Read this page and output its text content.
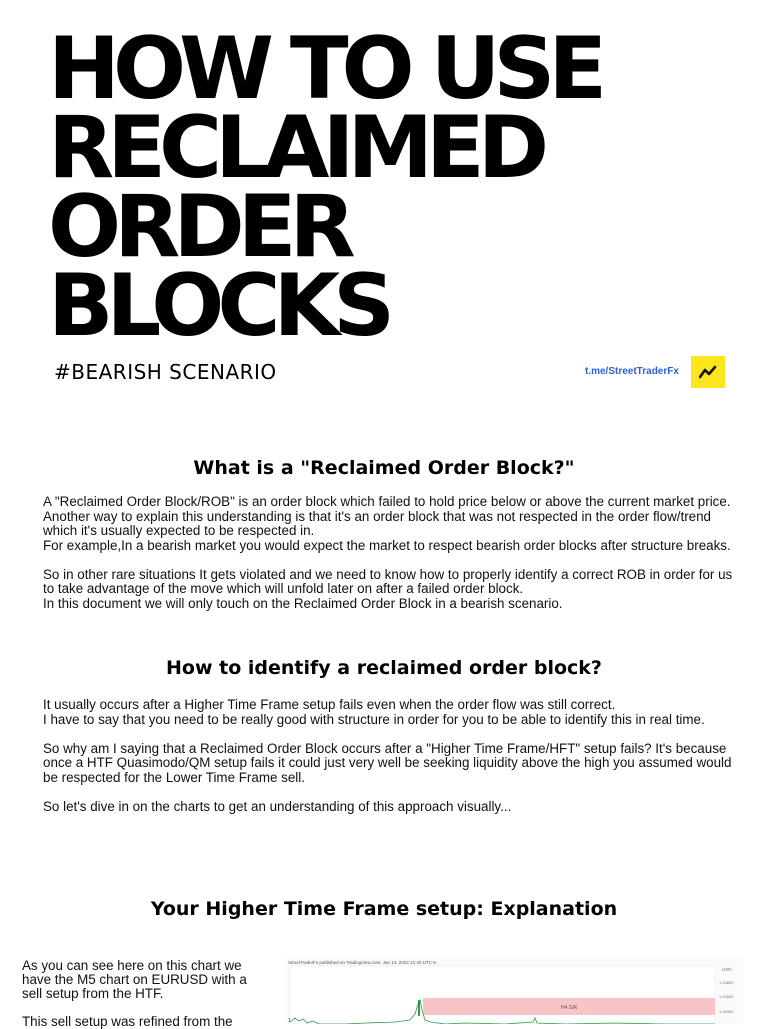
HOW TO USE
RECLAIMED
ORDER
BLOCKS
#BEARISH SCENARIO	t.me/StreetTraderFx
What is a "Reclaimed Order Block?"

A "Reclaimed Order Block/ROB" is an order block which failed to hold price below or above the current market price.

Another way to explain this understanding is that it's an order block that was not respected in the order flow/trend which it's usually expected to be respected in.

For example,In a bearish market you would expect the market to respect bearish order blocks after structure breaks.

So in other rare situations It gets violated and we need to know how to properly identify a correct ROB in order for us to take advantage of the move which will unfold later on after a failed order block.

In this document we will only touch on the Reclaimed Order Block in a bearish scenario.

How to identify a reclaimed order block?

It usually occurs after a Higher Time Frame setup fails even when the order flow was still correct.

I have to say that you need to be really good with structure in order for you to be able to identify this in real time.

So why am I saying that a Reclaimed Order Block occurs after a "Higher Time Frame/HFT" setup fails? It's because once a HTF Quasimodo/QM setup fails it could just very well be seeking liquidity above the high you assumed would be respected for the Lower Time Frame sell.

So let's dive in on the charts to get an understanding of this approach visually...

Your Higher Time Frame setup: Explanation

As you can see here on this chart we have the M5 chart on EURUSD with a sell setup from the HTF.

This sell setup was refined from the

StreetTraderFx published on TradingView.com, Jan 14, 2022 21:40 UTC-5
H4 S/R
USD
1.15800
1.15600
1.15400
1
